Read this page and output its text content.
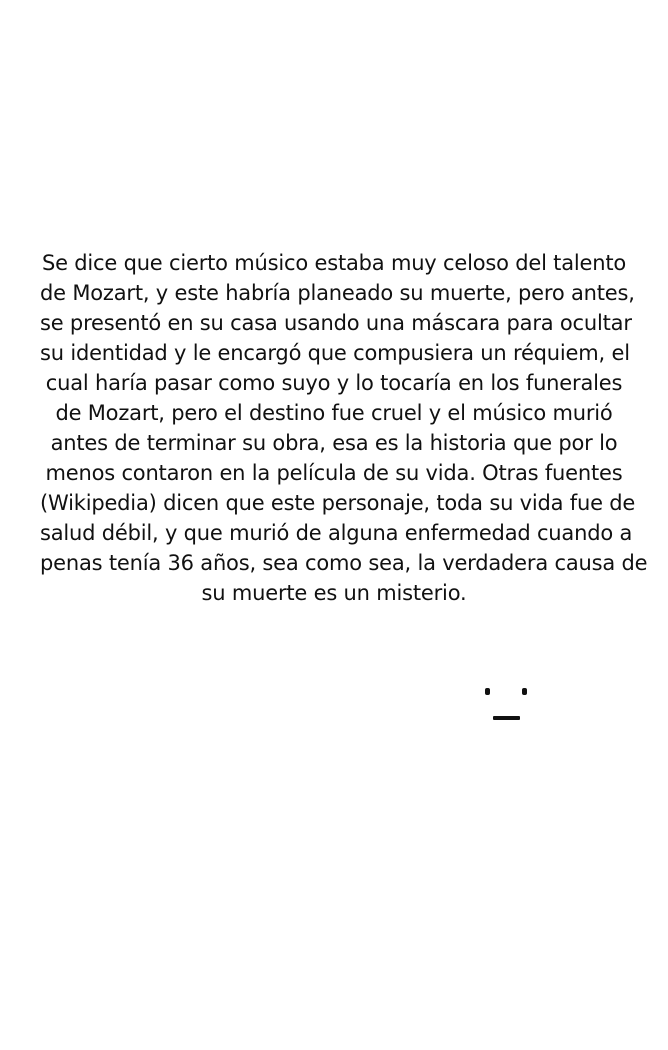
Se dice que cierto músico estaba muy celoso del talento
de Mozart, y este habría planeado su muerte, pero antes,
se presentó en su casa usando una máscara para ocultar
su identidad y le encargó que compusiera un réquiem, el
cual haría pasar como suyo y lo tocaría en los funerales
de Mozart, pero el destino fue cruel y el músico murió
antes de terminar su obra, esa es la historia que por lo
menos contaron en la película de su vida. Otras fuentes
(Wikipedia) dicen que este personaje, toda su vida fue de
salud débil, y que murió de alguna enfermedad cuando a
penas tenía 36 años, sea como sea, la verdadera causa de
su muerte es un misterio.
